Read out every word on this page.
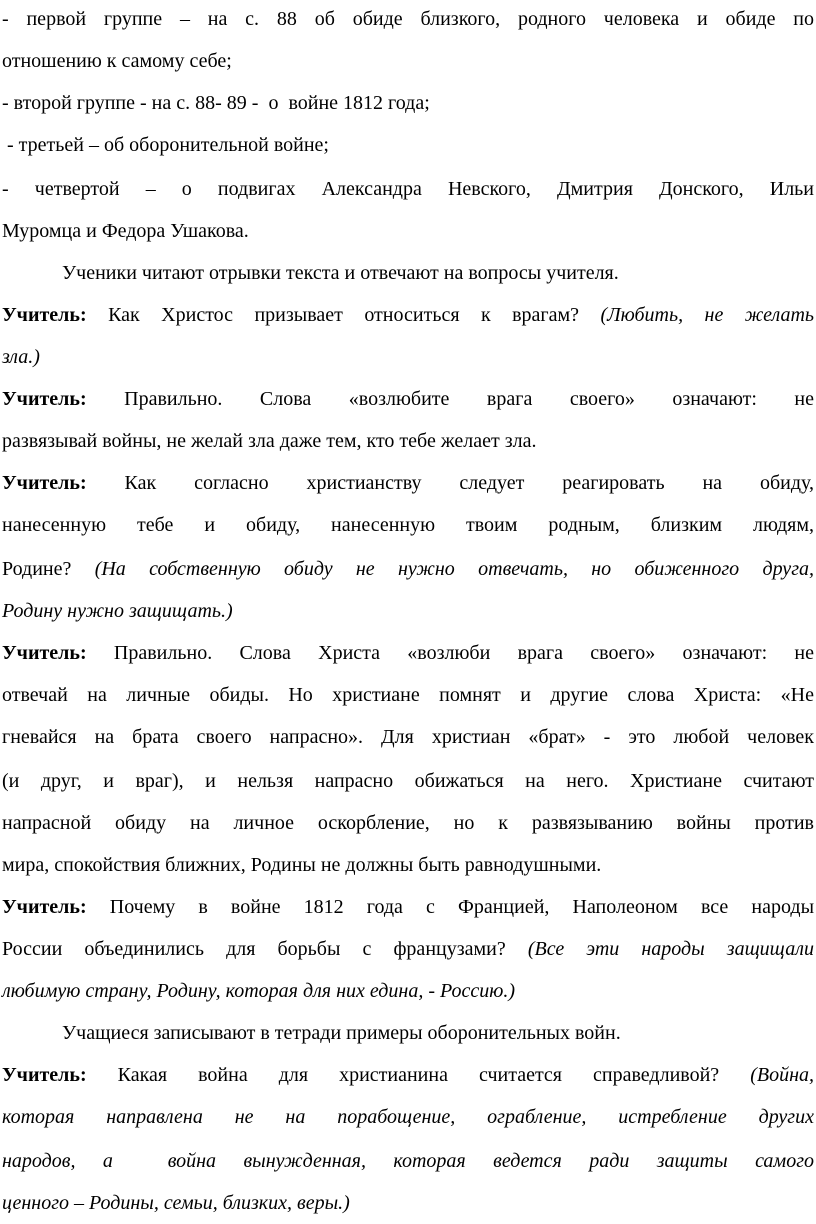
- первой группе – на с. 88 об обиде близкого, родного человека и обиде по
отношению к самому себе;
- второй группе - на с. 88- 89 -  о  войне 1812 года;
- третьей – об оборонительной войне;
- четвертой – о подвигах Александра Невского, Дмитрия Донского, Ильи
Муромца и Федора Ушакова.
Ученики читают отрывки текста и отвечают на вопросы учителя.
Учитель: Как Христос призывает относиться к врагам? (Любить, не желать
зла.)
Учитель: Правильно. Слова «возлюбите врага своего» означают: не
развязывай войны, не желай зла даже тем, кто тебе желает зла.
Учитель: Как согласно христианству следует реагировать на обиду,
нанесенную тебе и обиду, нанесенную твоим родным, близким людям,
Родине? (На собственную обиду не нужно отвечать, но обиженного друга,
Родину нужно защищать.)
Учитель: Правильно. Слова Христа «возлюби врага своего» означают: не
отвечай на личные обиды. Но христиане помнят и другие слова Христа: «Не
гневайся на брата своего напрасно». Для христиан «брат» - это любой человек
(и друг, и враг), и нельзя напрасно обижаться на него. Христиане считают
напрасной обиду на личное оскорбление, но к развязыванию войны против
мира, спокойствия ближних, Родины не должны быть равнодушными.
Учитель: Почему в войне 1812 года с Францией, Наполеоном все народы
России объединились для борьбы с французами? (Все эти народы защищали
любимую страну, Родину, которая для них едина, - Россию.)
Учащиеся записывают в тетради примеры оборонительных войн.
Учитель: Какая война для христианина считается справедливой? (Война,
которая направлена не на порабощение, ограбление, истребление других
народов, а  война вынужденная, которая ведется ради защиты самого
ценного – Родины, семьи, близких, веры.)
